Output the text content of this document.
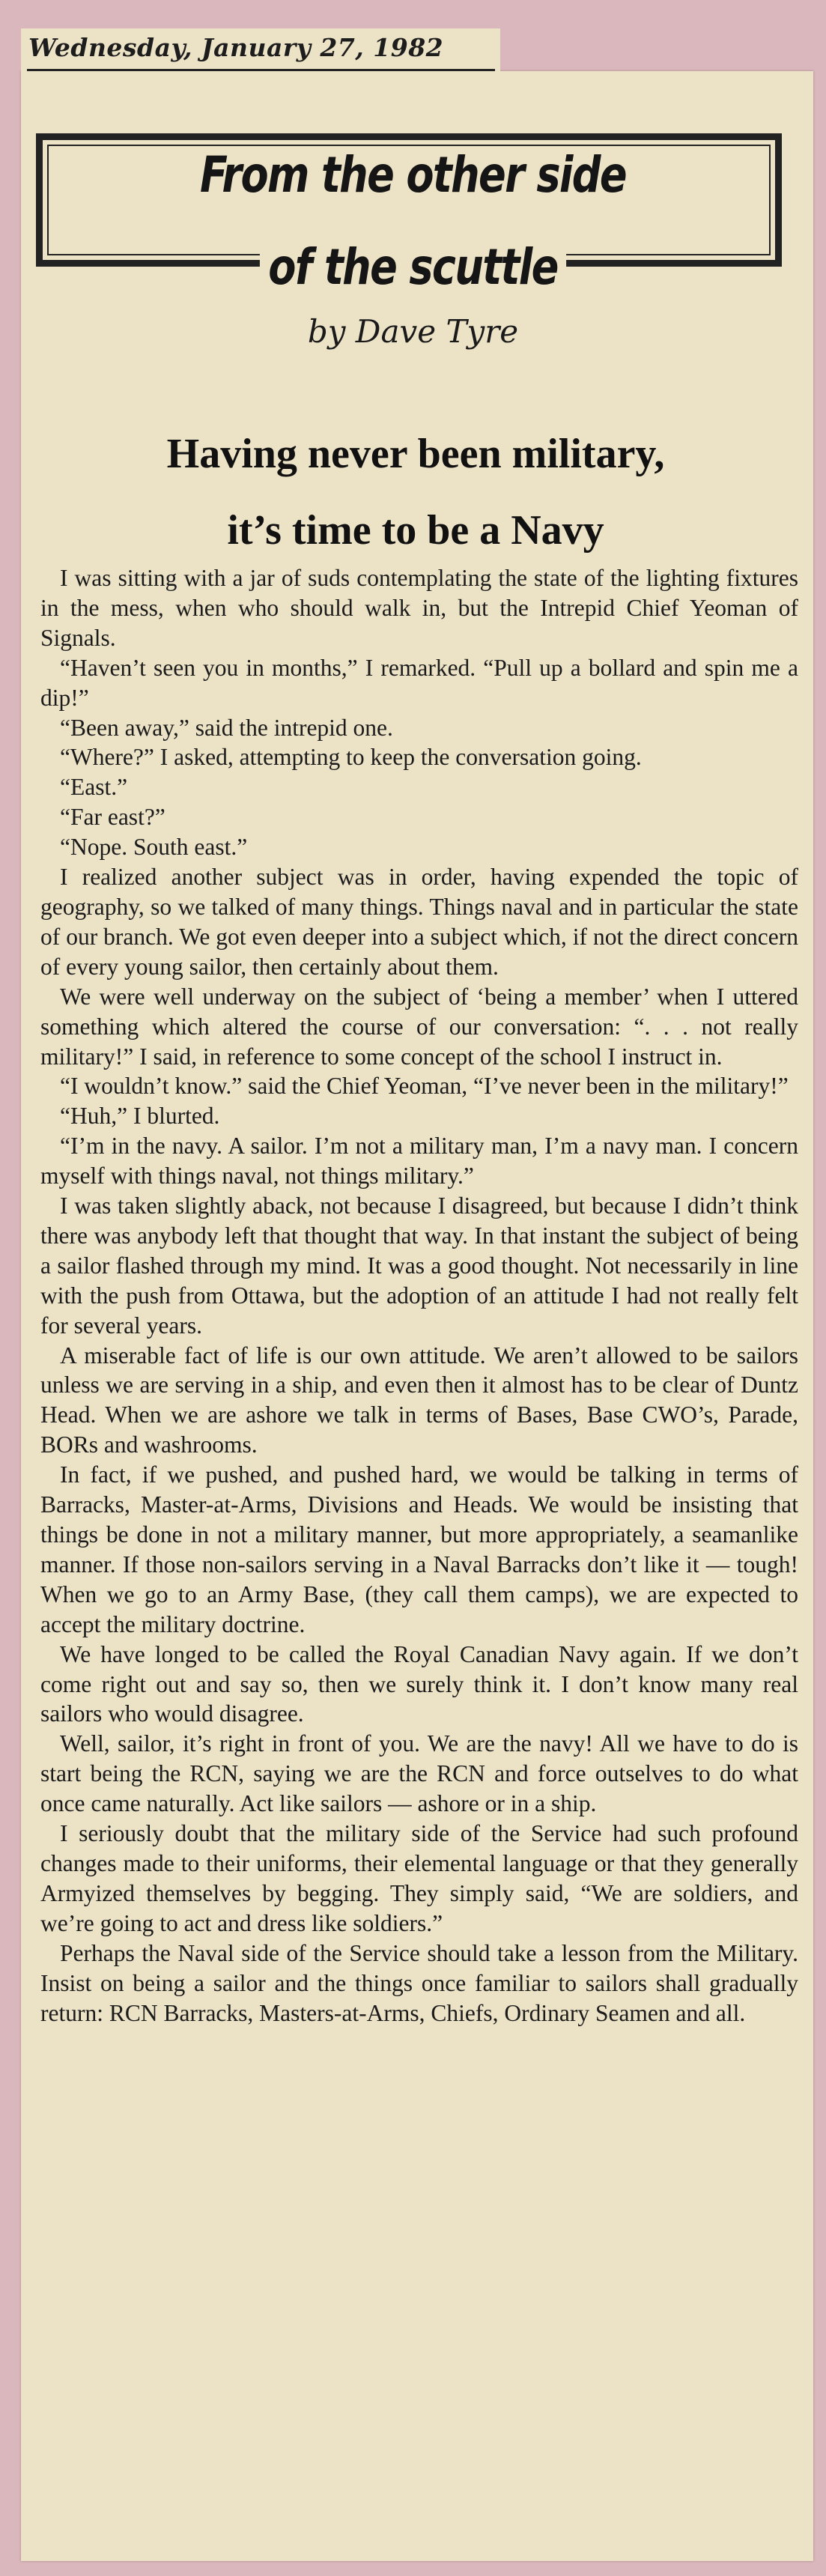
Wednesday, January 27, 1982
From the other side
of the scuttle
by Dave Tyre
Having never been military,
it’s time to be a Navy

I was sitting with a jar of suds contemplating the state of the lighting fixtures in the mess, when who should walk in, but the Intrepid Chief Yeoman of Signals.

“Haven’t seen you in months,” I remarked. “Pull up a bollard and spin me a dip!”

“Been away,” said the intrepid one.

“Where?” I asked, attempting to keep the conversation going.

“East.”

“Far east?”

“Nope. South east.”

I realized another subject was in order, having expended the topic of geography, so we talked of many things. Things naval and in particular the state of our branch. We got even deeper into a subject which, if not the direct concern of every young sailor, then certainly about them.

We were well underway on the subject of ‘being a member’ when I uttered something which altered the course of our conversation: “. . . not really military!” I said, in reference to some concept of the school I instruct in.

“I wouldn’t know.” said the Chief Yeoman, “I’ve never been in the military!”

“Huh,” I blurted.

“I’m in the navy. A sailor. I’m not a military man, I’m a navy man. I concern myself with things naval, not things military.”

I was taken slightly aback, not because I disagreed, but because I didn’t think there was anybody left that thought that way. In that instant the subject of being a sailor flashed through my mind. It was a good thought. Not necessarily in line with the push from Ottawa, but the adoption of an attitude I had not really felt for several years.

A miserable fact of life is our own attitude. We aren’t allowed to be sailors unless we are serving in a ship, and even then it almost has to be clear of Duntz Head. When we are ashore we talk in terms of Bases, Base CWO’s, Parade, BORs and washrooms.

In fact, if we pushed, and pushed hard, we would be talking in terms of Barracks, Master-at-Arms, Divisions and Heads. We would be insisting that things be done in not a military manner, but more appropriately, a seamanlike manner. If those non-sailors serving in a Naval Barracks don’t like it — tough! When we go to an Army Base, (they call them camps), we are expected to accept the military doctrine.

We have longed to be called the Royal Canadian Navy again. If we don’t come right out and say so, then we surely think it. I don’t know many real sailors who would disagree.

Well, sailor, it’s right in front of you. We are the navy! All we have to do is start being the RCN, saying we are the RCN and force outselves to do what once came naturally. Act like sailors — ashore or in a ship.

I seriously doubt that the military side of the Service had such profound changes made to their uniforms, their elemental language or that they generally Armyized themselves by begging. They simply said, “We are soldiers, and we’re going to act and dress like soldiers.”

Perhaps the Naval side of the Service should take a lesson from the Military. Insist on being a sailor and the things once familiar to sailors shall gradually return: RCN Barracks, Masters-at-Arms, Chiefs, Ordinary Seamen and all.
